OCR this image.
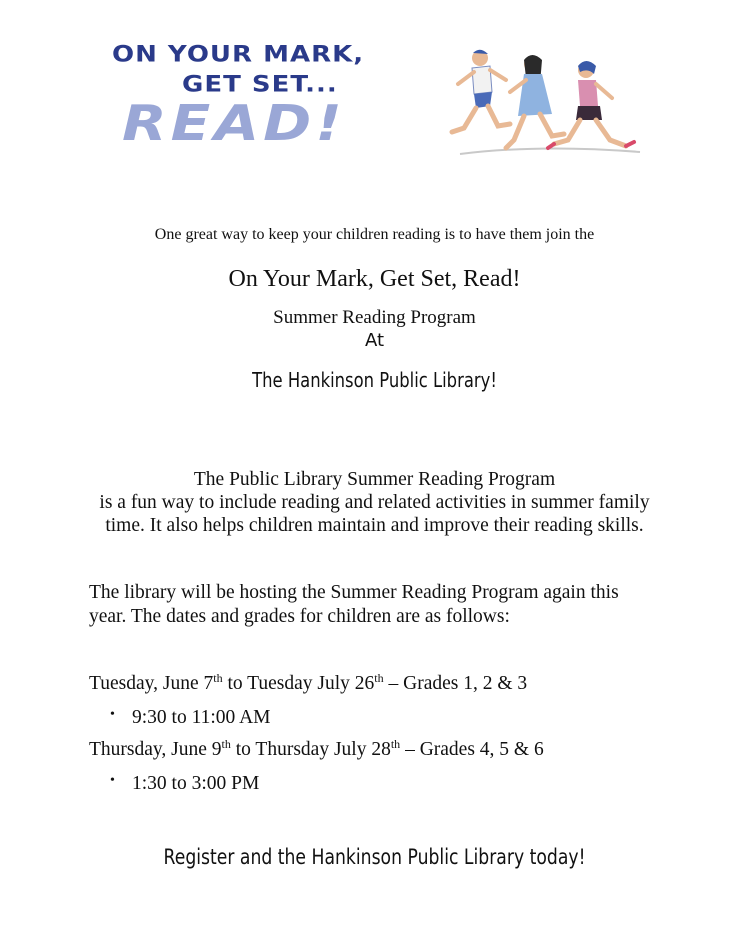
ON YOUR MARK,
GET SET...
READ!
One great way to keep your children reading is to have them join the
On Your Mark, Get Set, Read!
Summer Reading Program
At
The Hankinson Public Library!
The Public Library Summer Reading Program
is a fun way to include reading and related activities in summer family
time. It also helps children maintain and improve their reading skills.
The library will be hosting the Summer Reading Program again this
year. The dates and grades for children are as follows:
Tuesday, June 7th to Tuesday July 26th – Grades 1, 2 & 3
• 9:30 to 11:00 AM
Thursday, June 9th to Thursday July 28th – Grades 4, 5 & 6
• 1:30 to 3:00 PM
Register and the Hankinson Public Library today!
